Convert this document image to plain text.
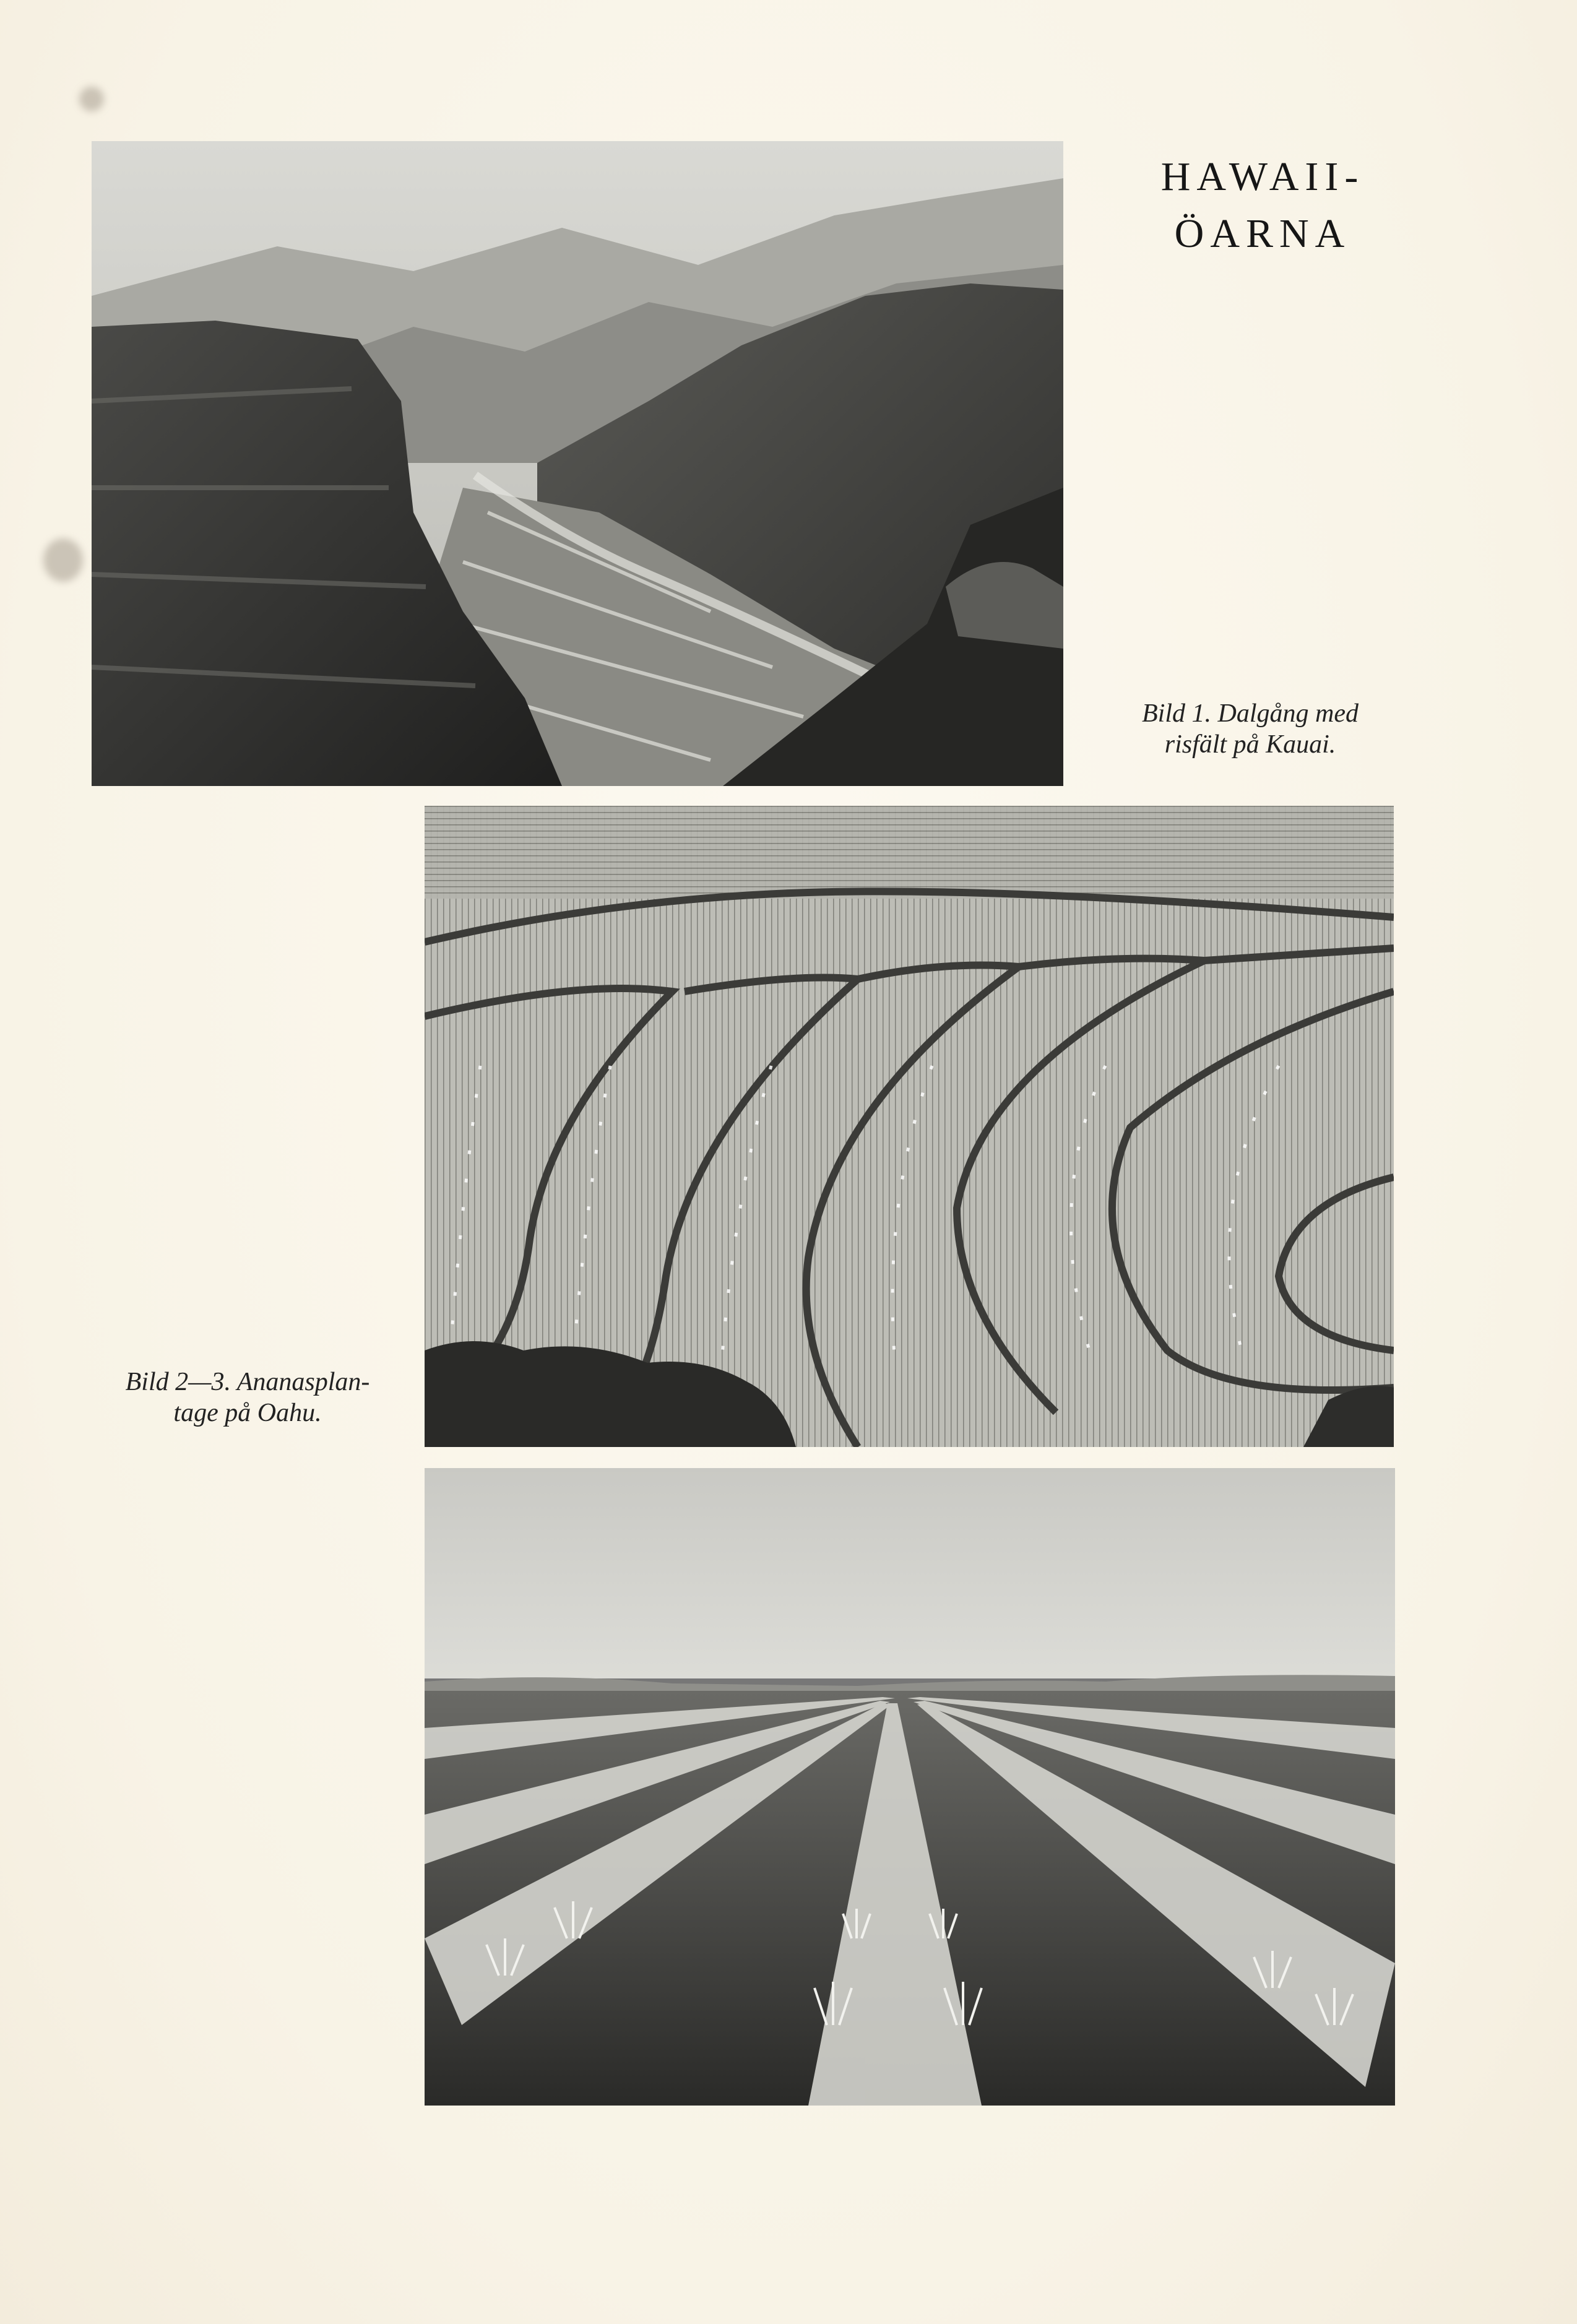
HAWAII-
ÖARNA
Bild 1. Dalgång med
risfält på Kauai.
Bild 2—3. Ananasplan-
tage på Oahu.
